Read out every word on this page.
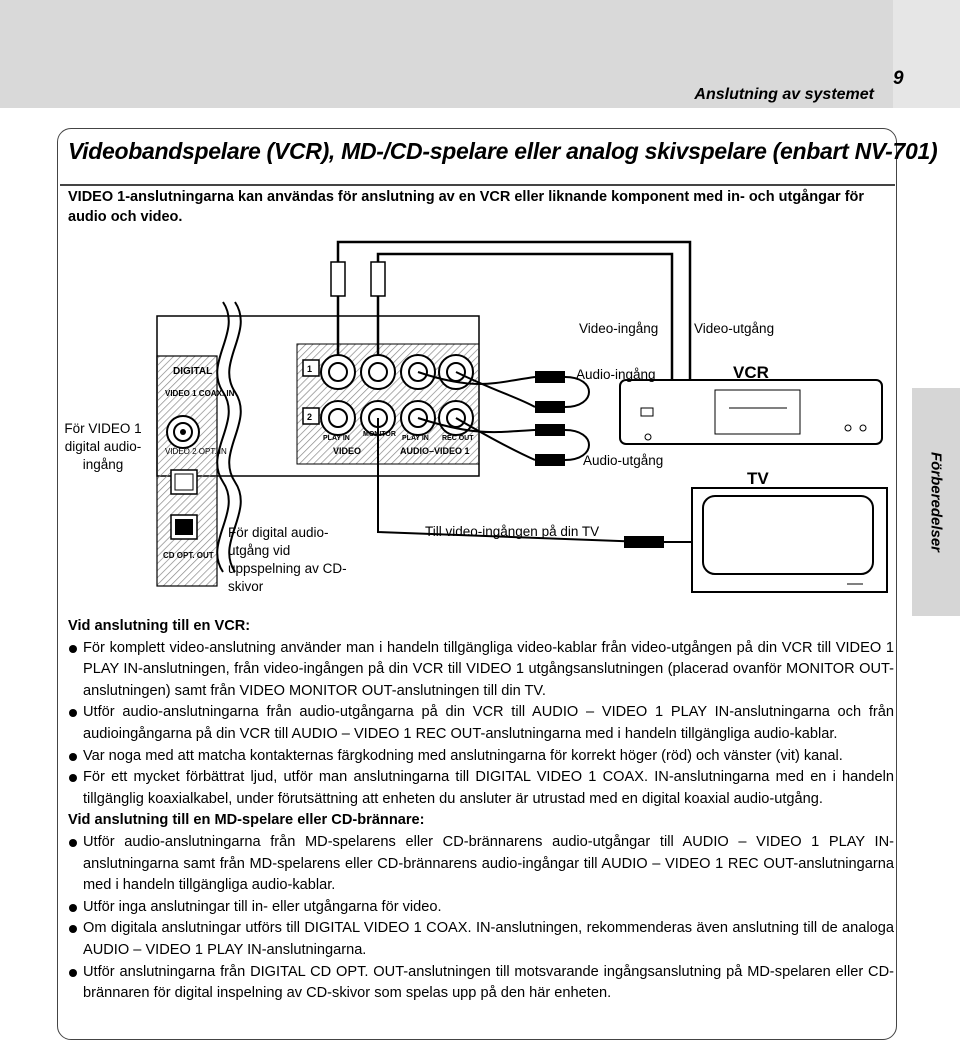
9
Anslutning av systemet
Videobandspelare (VCR), MD-/CD-spelare eller analog skivspelare (enbart NV-701)
VIDEO 1-anslutningarna kan användas för anslutning av en VCR eller liknande komponent med in- och utgångar för audio och video.
Förberedelser
DIGITAL
VIDEO 1 COAX. IN
VIDEO 2 OPT. IN
CD OPT. OUT
1
2
PLAY IN
MONITOR
PLAY IN REC OUT
VIDEO	AUDIO–VIDEO 1
Video-ingång	Video-utgång
Audio-ingång
Audio-utgång
VCR
TV
För VIDEO 1 digital audio-ingång
För digital audio-utgång vid uppspelning av CD-skivor
Till video-ingången på din TV
Vid anslutning till en VCR:
För komplett video-anslutning använder man i handeln tillgängliga video-kablar från video-utgången på din VCR till VIDEO 1 PLAY IN-anslutningen, från video-ingången på din VCR till VIDEO 1 utgångsanslutningen (placerad ovanför MONITOR OUT-anslutningen) samt från VIDEO MONITOR OUT-anslutningen till din TV.
Utför audio-anslutningarna från audio-utgångarna på din VCR till AUDIO – VIDEO 1 PLAY IN-anslutningarna och från audioingångarna på din VCR till AUDIO – VIDEO 1 REC OUT-anslutningarna med i handeln tillgängliga audio-kablar.
Var noga med att matcha kontakternas färgkodning med anslutningarna för korrekt höger (röd) och vänster (vit) kanal.
För ett mycket förbättrat ljud, utför man anslutningarna till DIGITAL VIDEO 1 COAX. IN-anslutningarna med en i handeln tillgänglig koaxialkabel, under förutsättning att enheten du ansluter är utrustad med en digital koaxial audio-utgång.
Vid anslutning till en MD-spelare eller CD-brännare:
Utför audio-anslutningarna från MD-spelarens eller CD-brännarens audio-utgångar till AUDIO – VIDEO 1 PLAY IN-anslutningarna samt från MD-spelarens eller CD-brännarens audio-ingångar till AUDIO – VIDEO 1 REC OUT-anslutningarna med i handeln tillgängliga audio-kablar.
Utför inga anslutningar till in- eller utgångarna för video.
Om digitala anslutningar utförs till DIGITAL VIDEO 1 COAX. IN-anslutningen, rekommenderas även anslutning till de analoga AUDIO – VIDEO 1 PLAY IN-anslutningarna.
Utför anslutningarna från DIGITAL CD OPT. OUT-anslutningen till motsvarande ingångsanslutning på MD-spelaren eller CD-brännaren för digital inspelning av CD-skivor som spelas upp på den här enheten.
